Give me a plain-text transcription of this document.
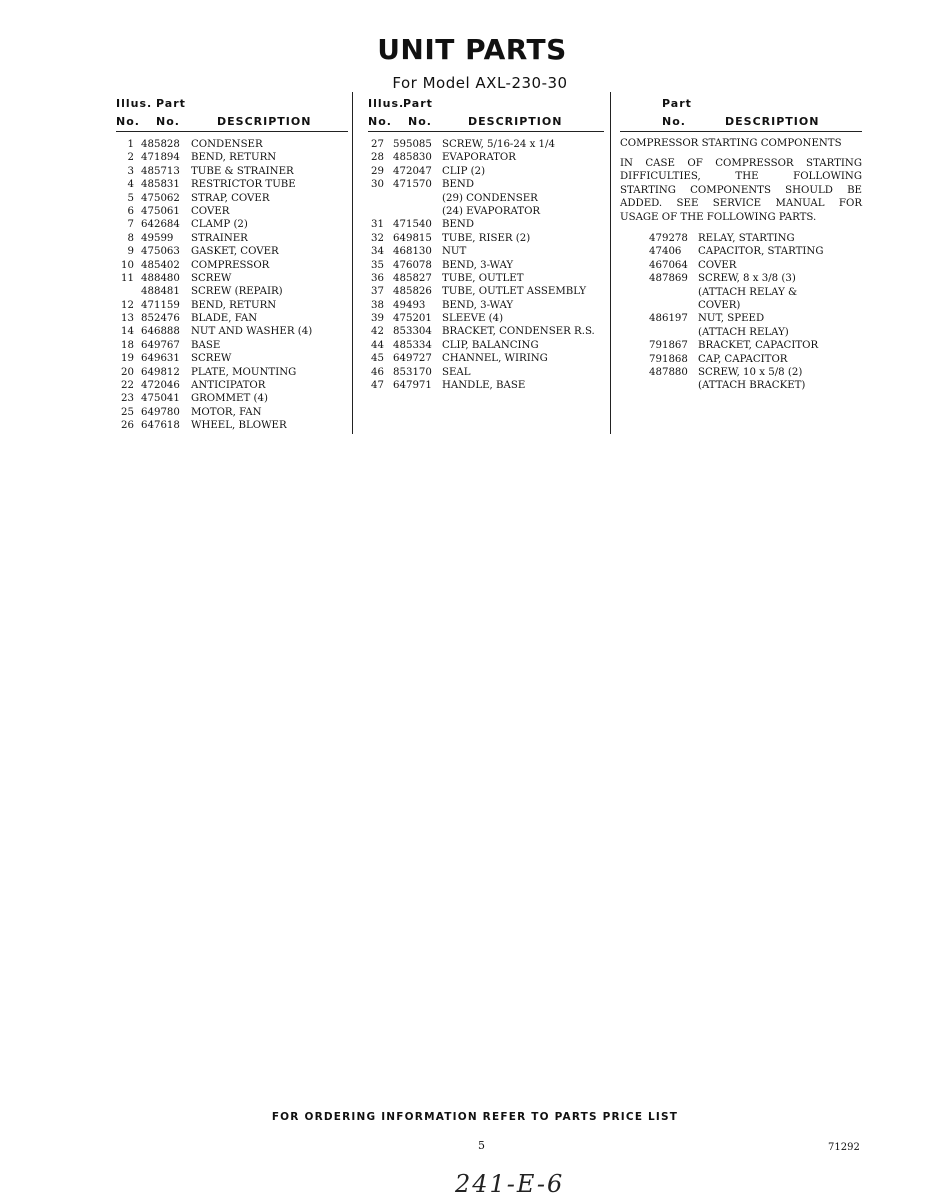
UNIT PARTS
For Model AXL-230-30
Illus. Part
No. No.	DESCRIPTION
1 485828 CONDENSER
2 471894 BEND, RETURN
3 485713 TUBE & STRAINER
4 485831 RESTRICTOR TUBE
5 475062 STRAP, COVER
6 475061 COVER
7 642684 CLAMP (2)
8 49599 STRAINER
9 475063 GASKET, COVER
10 485402 COMPRESSOR
11 488480 SCREW
488481 SCREW (REPAIR)
12 471159 BEND, RETURN
13 852476 BLADE, FAN
14 646888 NUT AND WASHER (4)
18 649767 BASE
19 649631 SCREW
20 649812 PLATE, MOUNTING
22 472046 ANTICIPATOR
23 475041 GROMMET (4)
25 649780 MOTOR, FAN
26 647618 WHEEL, BLOWER
Illus.
Part
No. No.	DESCRIPTION
27 595085 SCREW, 5/16-24 x 1/4
28 485830 EVAPORATOR
29 472047 CLIP (2)
30 471570 BEND
(29) CONDENSER
(24) EVAPORATOR
31 471540 BEND
32 649815 TUBE, RISER (2)
34 468130 NUT
35 476078 BEND, 3-WAY
36 485827 TUBE, OUTLET
37 485826 TUBE, OUTLET ASSEMBLY
38 49493 BEND, 3-WAY
39 475201 SLEEVE (4)
42 853304 BRACKET, CONDENSER R.S.
44 485334 CLIP, BALANCING
45 649727 CHANNEL, WIRING
46 853170 SEAL
47 647971 HANDLE, BASE
Part
No.	DESCRIPTION
COMPRESSOR STARTING COMPONENTS
IN CASE OF COMPRESSOR STARTING
DIFFICULTIES, THE FOLLOWING
STARTING COMPONENTS SHOULD BE
ADDED. SEE SERVICE MANUAL FOR
USAGE OF THE FOLLOWING PARTS.
479278 RELAY, STARTING
47406 CAPACITOR, STARTING
467064 COVER
487869 SCREW, 8 x 3/8 (3)
(ATTACH RELAY &
COVER)
486197 NUT, SPEED
(ATTACH RELAY)
791867 BRACKET, CAPACITOR
791868 CAP, CAPACITOR
487880 SCREW, 10 x 5/8 (2)
(ATTACH BRACKET)
FOR ORDERING INFORMATION REFER TO PARTS PRICE LIST
5	71292
241-E-6
